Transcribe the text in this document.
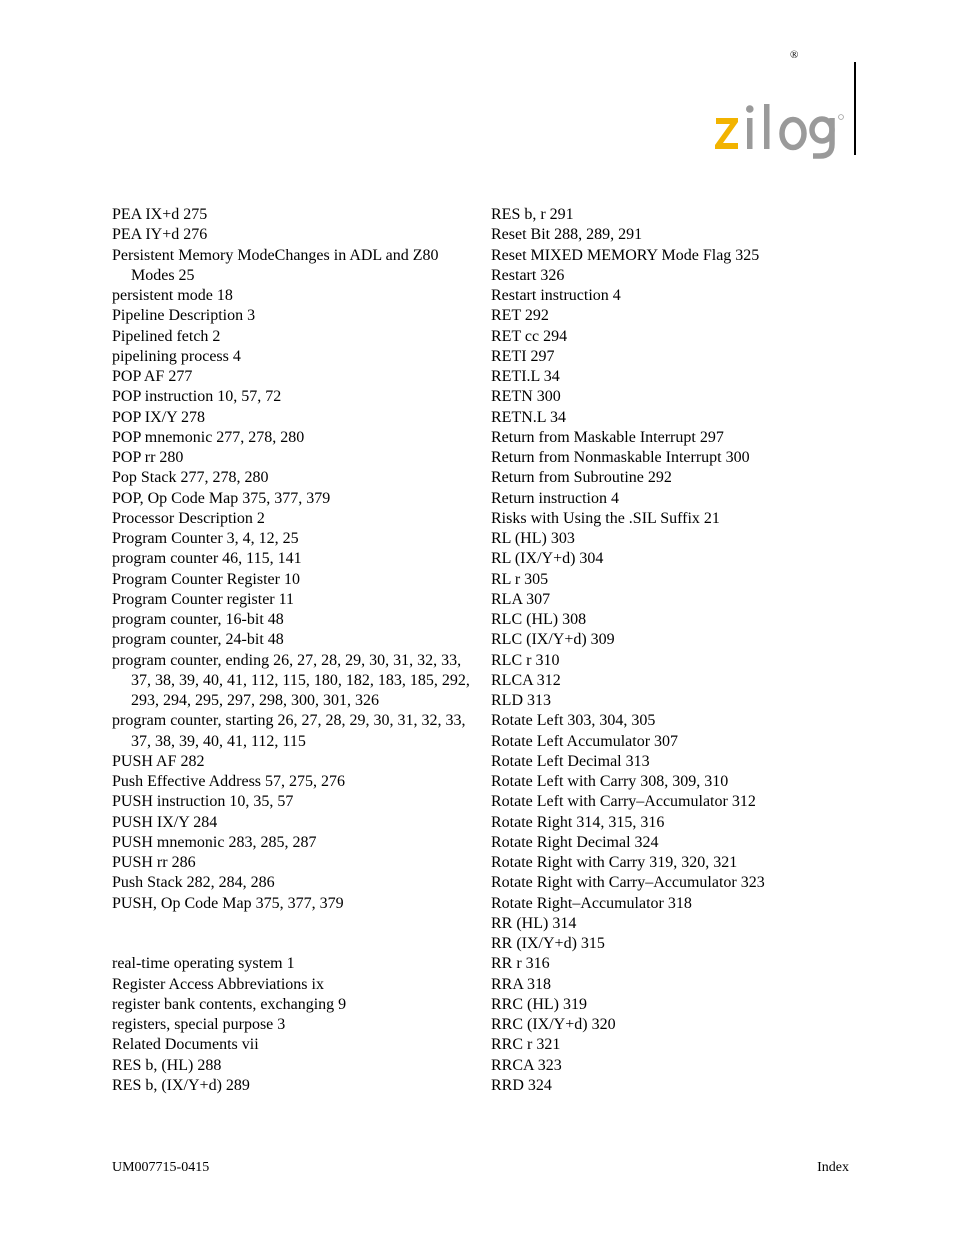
®
PEA IX+d 275
PEA IY+d 276
Persistent Memory ModeChanges in ADL and Z80 Modes 25
persistent mode 18
Pipeline Description 3
Pipelined fetch 2
pipelining process 4
POP AF 277
POP instruction 10, 57, 72
POP IX/Y 278
POP mnemonic 277, 278, 280
POP rr 280
Pop Stack 277, 278, 280
POP, Op Code Map 375, 377, 379
Processor Description 2
Program Counter 3, 4, 12, 25
program counter 46, 115, 141
Program Counter Register 10
Program Counter register 11
program counter, 16-bit 48
program counter, 24-bit 48
program counter, ending 26, 27, 28, 29, 30, 31, 32, 33, 37, 38, 39, 40, 41, 112, 115, 180, 182, 183, 185, 292, 293, 294, 295, 297, 298, 300, 301, 326
program counter, starting 26, 27, 28, 29, 30, 31, 32, 33, 37, 38, 39, 40, 41, 112, 115
PUSH AF 282
Push Effective Address 57, 275, 276
PUSH instruction 10, 35, 57
PUSH IX/Y 284
PUSH mnemonic 283, 285, 287
PUSH rr 286
Push Stack 282, 284, 286
PUSH, Op Code Map 375, 377, 379
real-time operating system 1
Register Access Abbreviations ix
register bank contents, exchanging 9
registers, special purpose 3
Related Documents vii
RES b, (HL) 288
RES b, (IX/Y+d) 289
RES b, r 291
Reset Bit 288, 289, 291
Reset MIXED MEMORY Mode Flag 325
Restart 326
Restart instruction 4
RET 292
RET cc 294
RETI 297
RETI.L 34
RETN 300
RETN.L 34
Return from Maskable Interrupt 297
Return from Nonmaskable Interrupt 300
Return from Subroutine 292
Return instruction 4
Risks with Using the .SIL Suffix 21
RL (HL) 303
RL (IX/Y+d) 304
RL r 305
RLA 307
RLC (HL) 308
RLC (IX/Y+d) 309
RLC r 310
RLCA 312
RLD 313
Rotate Left 303, 304, 305
Rotate Left Accumulator 307
Rotate Left Decimal 313
Rotate Left with Carry 308, 309, 310
Rotate Left with Carry–Accumulator 312
Rotate Right 314, 315, 316
Rotate Right Decimal 324
Rotate Right with Carry 319, 320, 321
Rotate Right with Carry–Accumulator 323
Rotate Right–Accumulator 318
RR (HL) 314
RR (IX/Y+d) 315
RR r 316
RRA 318
RRC (HL) 319
RRC (IX/Y+d) 320
RRC r 321
RRCA 323
RRD 324
UM007715-0415	Index
